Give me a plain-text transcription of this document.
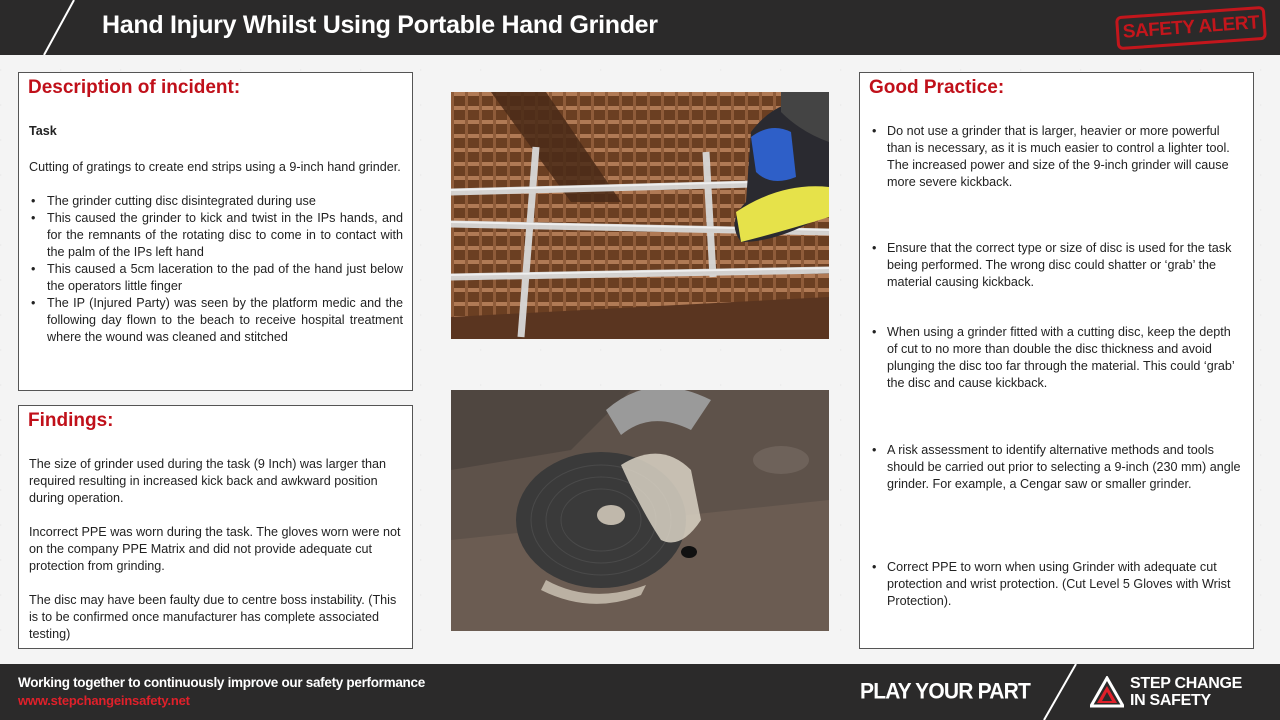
Hand Injury Whilst Using Portable Hand Grinder	SAFETY ALERT
Description of incident:
Task

Cutting of gratings to create end strips using a 9-inch hand grinder.

• The grinder cutting disc disintegrated during use
• This caused the grinder to kick and twist in the IPs hands, and for the remnants of the rotating disc to come in to contact with the palm of the IPs left hand
• This caused a 5cm laceration to the pad of the hand just below the operators little finger
• The IP (Injured Party) was seen by the platform medic and the following day flown to the beach to receive hospital treatment where the wound was cleaned and stitched
Findings:

The size of grinder used during the task (9 Inch) was larger than required resulting in increased kick back and awkward position during operation.

Incorrect PPE was worn during the task. The gloves worn were not on the company PPE Matrix and did not provide adequate cut protection from grinding.

The disc may have been faulty due to centre boss instability. (This is to be confirmed once manufacturer has complete associated testing)

Good Practice:
• Do not use a grinder that is larger, heavier or more powerful than is necessary, as it is much easier to control a lighter tool. The increased power and size of the 9-inch grinder will cause more severe kickback.
• Ensure that the correct type or size of disc is used for the task being performed. The wrong disc could shatter or ‘grab’ the material causing kickback.
• When using a grinder fitted with a cutting disc, keep the depth of cut to no more than double the disc thickness and avoid plunging the disc too far through the material. This could ‘grab’ the disc and cause kickback.
• A risk assessment to identify alternative methods and tools should be carried out prior to selecting a 9-inch (230 mm) angle grinder. For example, a Cengar saw or smaller grinder.
• Correct PPE to worn when using Grinder with adequate cut protection and wrist protection. (Cut Level 5 Gloves with Wrist Protection).
Working together to continuously improve our safety performance
www.stepchangeinsafety.net	PLAY YOUR PART	STEP CHANGE
IN SAFETY
